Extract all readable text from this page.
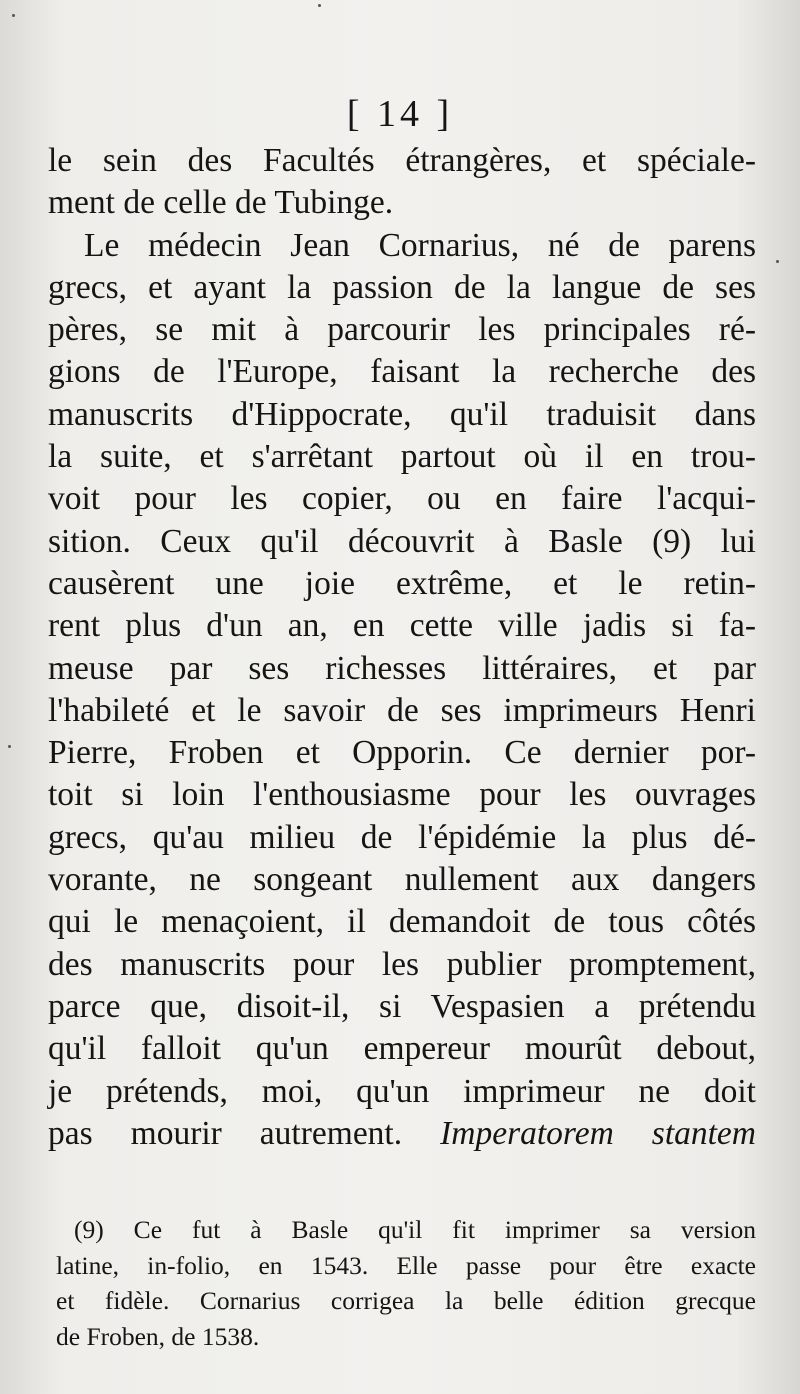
[ 14 ]
le sein des Facultés étrangères, et spéciale-
ment de celle de Tubinge.
Le médecin Jean Cornarius, né de parens
grecs, et ayant la passion de la langue de ses
pères, se mit à parcourir les principales ré-
gions de l'Europe, faisant la recherche des
manuscrits d'Hippocrate, qu'il traduisit dans
la suite, et s'arrêtant partout où il en trou-
voit pour les copier, ou en faire l'acqui-
sition. Ceux qu'il découvrit à Basle (9) lui
causèrent une joie extrême, et le retin-
rent plus d'un an, en cette ville jadis si fa-
meuse par ses richesses littéraires, et par
l'habileté et le savoir de ses imprimeurs Henri
Pierre, Froben et Opporin. Ce dernier por-
toit si loin l'enthousiasme pour les ouvrages
grecs, qu'au milieu de l'épidémie la plus dé-
vorante, ne songeant nullement aux dangers
qui le menaçoient, il demandoit de tous côtés
des manuscrits pour les publier promptement,
parce que, disoit-il, si Vespasien a prétendu
qu'il falloit qu'un empereur mourût debout,
je prétends, moi, qu'un imprimeur ne doit
pas mourir autrement. Imperatorem stantem
(9) Ce fut à Basle qu'il fit imprimer sa version
latine, in-folio, en 1543. Elle passe pour être exacte
et fidèle. Cornarius corrigea la belle édition grecque
de Froben, de 1538.
